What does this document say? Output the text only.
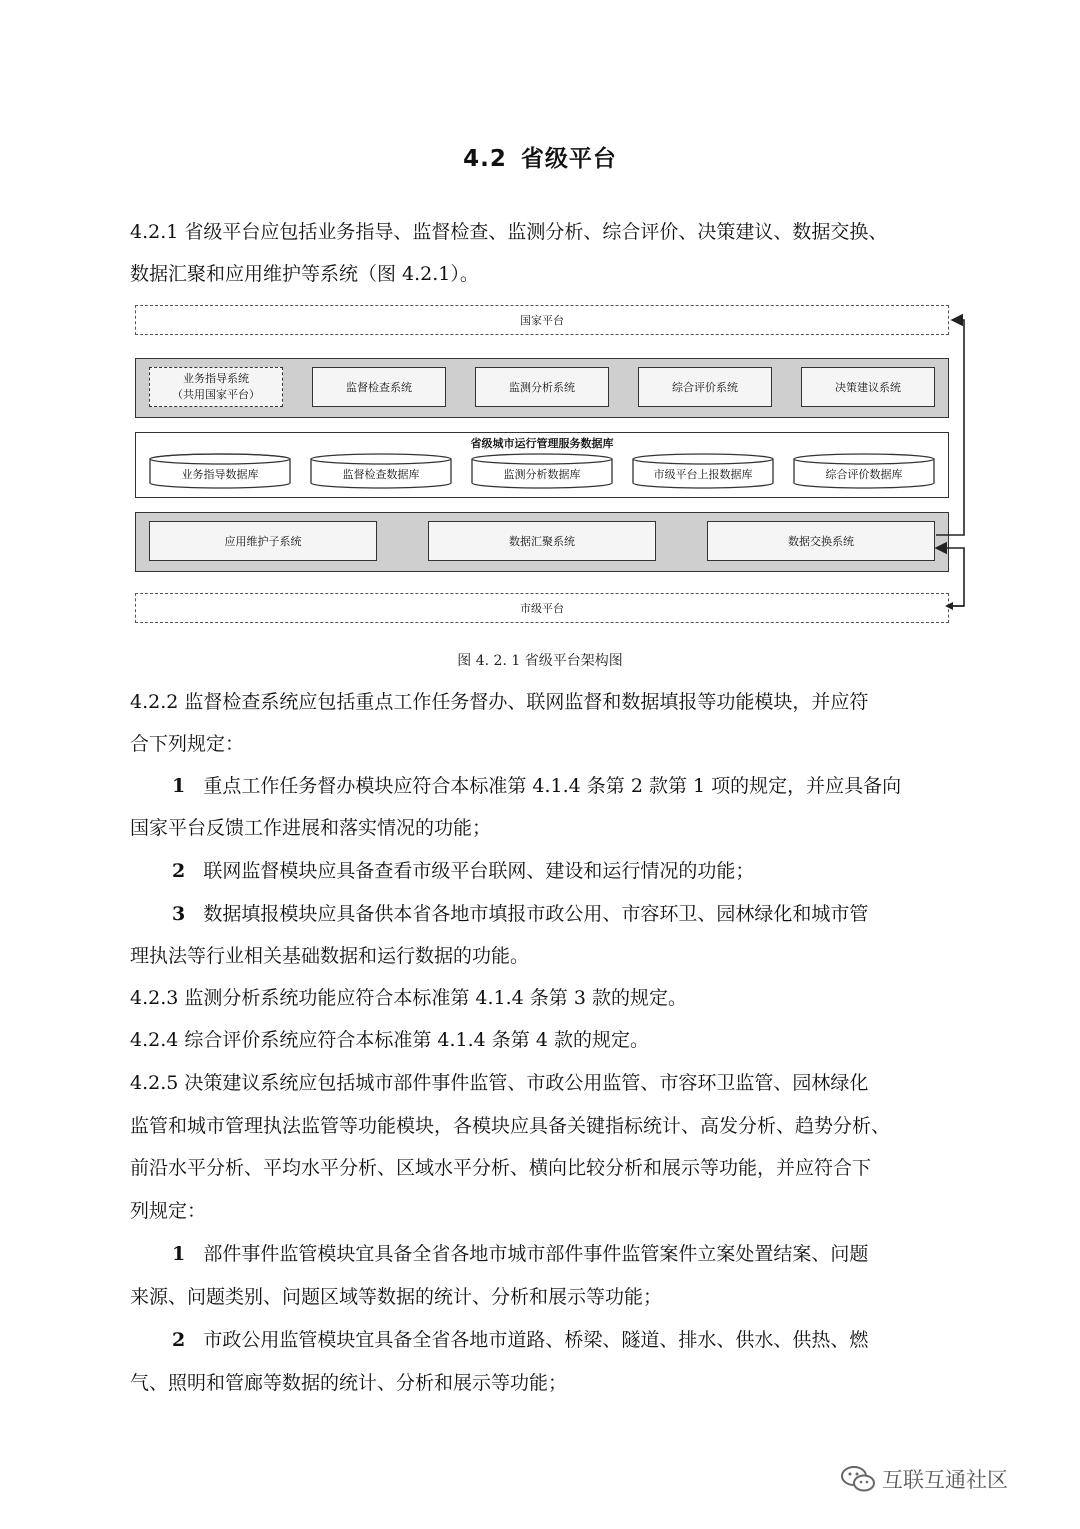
4.2 省级平台
4.2.1 省级平台应包括业务指导、监督检查、监测分析、综合评价、决策建议、数据交换、
数据汇聚和应用维护等系统（图 4.2.1）。
国家平台
业务指导系统
（共用国家平台）
监督检查系统	监测分析系统	综合评价系统	决策建议系统
省级城市运行管理服务数据库
业务指导数据库	监督检查数据库	监测分析数据库	市级平台上报数据库	综合评价数据库
应用维护子系统	数据汇聚系统	数据交换系统
市级平台
图 4. 2. 1 省级平台架构图
4.2.2 监督检查系统应包括重点工作任务督办、联网监督和数据填报等功能模块，并应符
合下列规定：
1 重点工作任务督办模块应符合本标准第 4.1.4 条第 2 款第 1 项的规定，并应具备向
国家平台反馈工作进展和落实情况的功能；
2 联网监督模块应具备查看市级平台联网、建设和运行情况的功能；
3 数据填报模块应具备供本省各地市填报市政公用、市容环卫、园林绿化和城市管
理执法等行业相关基础数据和运行数据的功能。
4.2.3 监测分析系统功能应符合本标准第 4.1.4 条第 3 款的规定。
4.2.4 综合评价系统应符合本标准第 4.1.4 条第 4 款的规定。
4.2.5 决策建议系统应包括城市部件事件监管、市政公用监管、市容环卫监管、园林绿化
监管和城市管理执法监管等功能模块，各模块应具备关键指标统计、高发分析、趋势分析、
前沿水平分析、平均水平分析、区域水平分析、横向比较分析和展示等功能，并应符合下
列规定：
1 部件事件监管模块宜具备全省各地市城市部件事件监管案件立案处置结案、问题
来源、问题类别、问题区域等数据的统计、分析和展示等功能；
2 市政公用监管模块宜具备全省各地市道路、桥梁、隧道、排水、供水、供热、燃
气、照明和管廊等数据的统计、分析和展示等功能；
互联互通社区
